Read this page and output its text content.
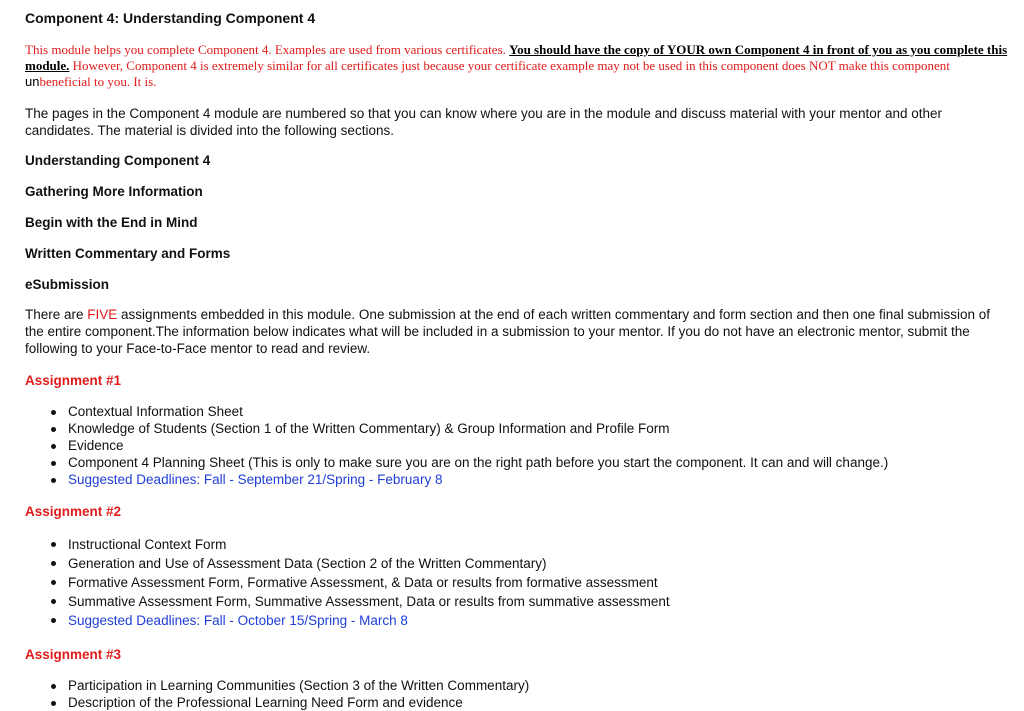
Component 4: Understanding Component 4

This module helps you complete Component 4. Examples are used from various certificates. You should have the copy of YOUR own Component 4 in front of you as you complete this module. However, Component 4 is extremely similar for all certificates just because your certificate example may not be used in this component does NOT make this component unbeneficial to you. It is.

The pages in the Component 4 module are numbered so that you can know where you are in the module and discuss material with your mentor and other candidates. The material is divided into the following sections.

Understanding Component 4

Gathering More Information

Begin with the End in Mind

Written Commentary and Forms

eSubmission

There are FIVE assignments embedded in this module. One submission at the end of each written commentary and form section and then one final submission of the entire component.The information below indicates what will be included in a submission to your mentor. If you do not have an electronic mentor, submit the following to your Face-to-Face mentor to read and review.

Assignment #1

Contextual Information Sheet
Knowledge of Students (Section 1 of the Written Commentary) & Group Information and Profile Form
Evidence
Component 4 Planning Sheet (This is only to make sure you are on the right path before you start the component. It can and will change.)
Suggested Deadlines: Fall - September 21/Spring - February 8

Assignment #2

Instructional Context Form
Generation and Use of Assessment Data (Section 2 of the Written Commentary)
Formative Assessment Form, Formative Assessment, & Data or results from formative assessment
Summative Assessment Form, Summative Assessment, Data or results from summative assessment
Suggested Deadlines: Fall - October 15/Spring - March 8

Assignment #3

Participation in Learning Communities (Section 3 of the Written Commentary)
Description of the Professional Learning Need Form and evidence
